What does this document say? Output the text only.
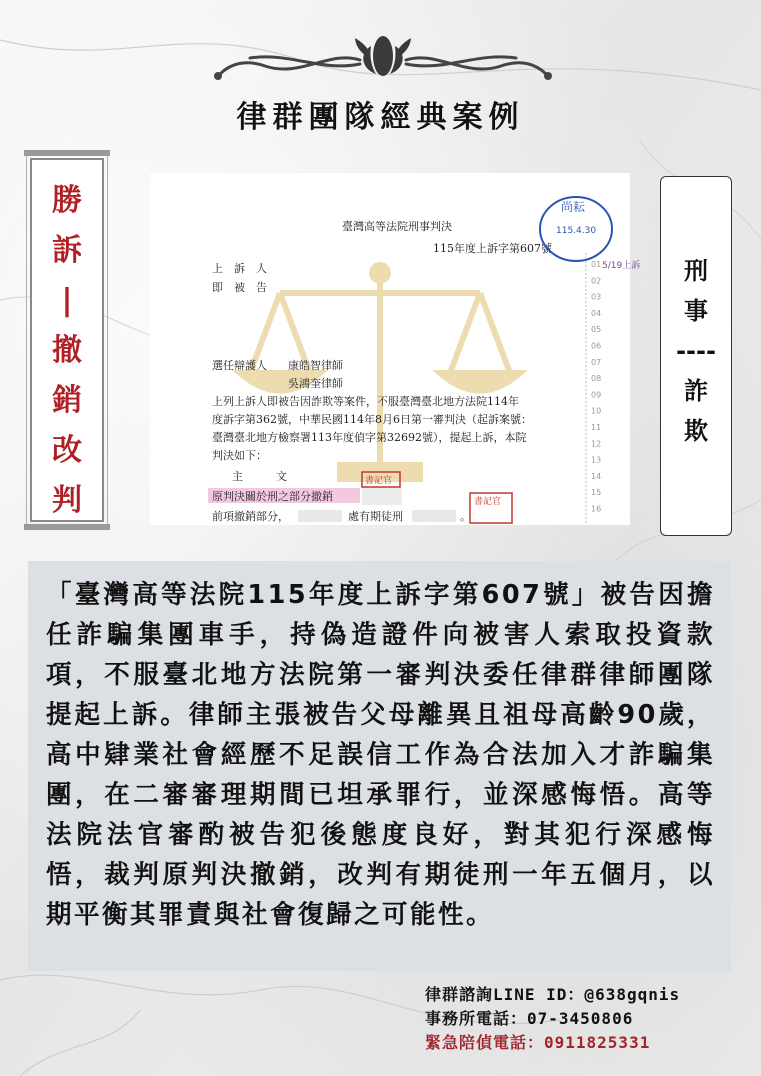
律群團隊經典案例
勝
訴
|
撤
銷
改
判
臺灣高等法院刑事判決
115年度上訴字第607號
尚耘
115.4.30
5/19上訴
上　訴　人
即　被　告
選任辯護人 康皓智律師
吳鴻奎律師
上列上訴人即被告因詐欺等案件，不服臺灣臺北地方法院114年
度訴字第362號，中華民國114年8月6日第一審判決（起訴案號：
臺灣臺北地方檢察署113年度偵字第32692號），提起上訴，本院
判決如下：
主　　　文
原判決關於刑之部分撤銷
前項撤銷部分，	處有期徒刑	。
書記官
書記官
01
02
03
04
05
06
07
08
09
10
11
12
13
14
15
16
刑
事
----
詐
欺

「臺灣高等法院115年度上訴字第607號」被告因擔任詐騙集團車手，持偽造證件向被害人索取投資款項，不服臺北地方法院第一審判決委任律群律師團隊提起上訴。律師主張被告父母離異且祖母高齡90歲，高中肄業社會經歷不足誤信工作為合法加入才詐騙集團，在二審審理期間已坦承罪行，並深感悔悟。高等法院法官審酌被告犯後態度良好，對其犯行深感悔悟，裁判原判決撤銷，改判有期徒刑一年五個月，以期平衡其罪責與社會復歸之可能性。

律群諮詢LINE ID：@638gqnis
事務所電話：07-3450806
緊急陪偵電話：0911825331
